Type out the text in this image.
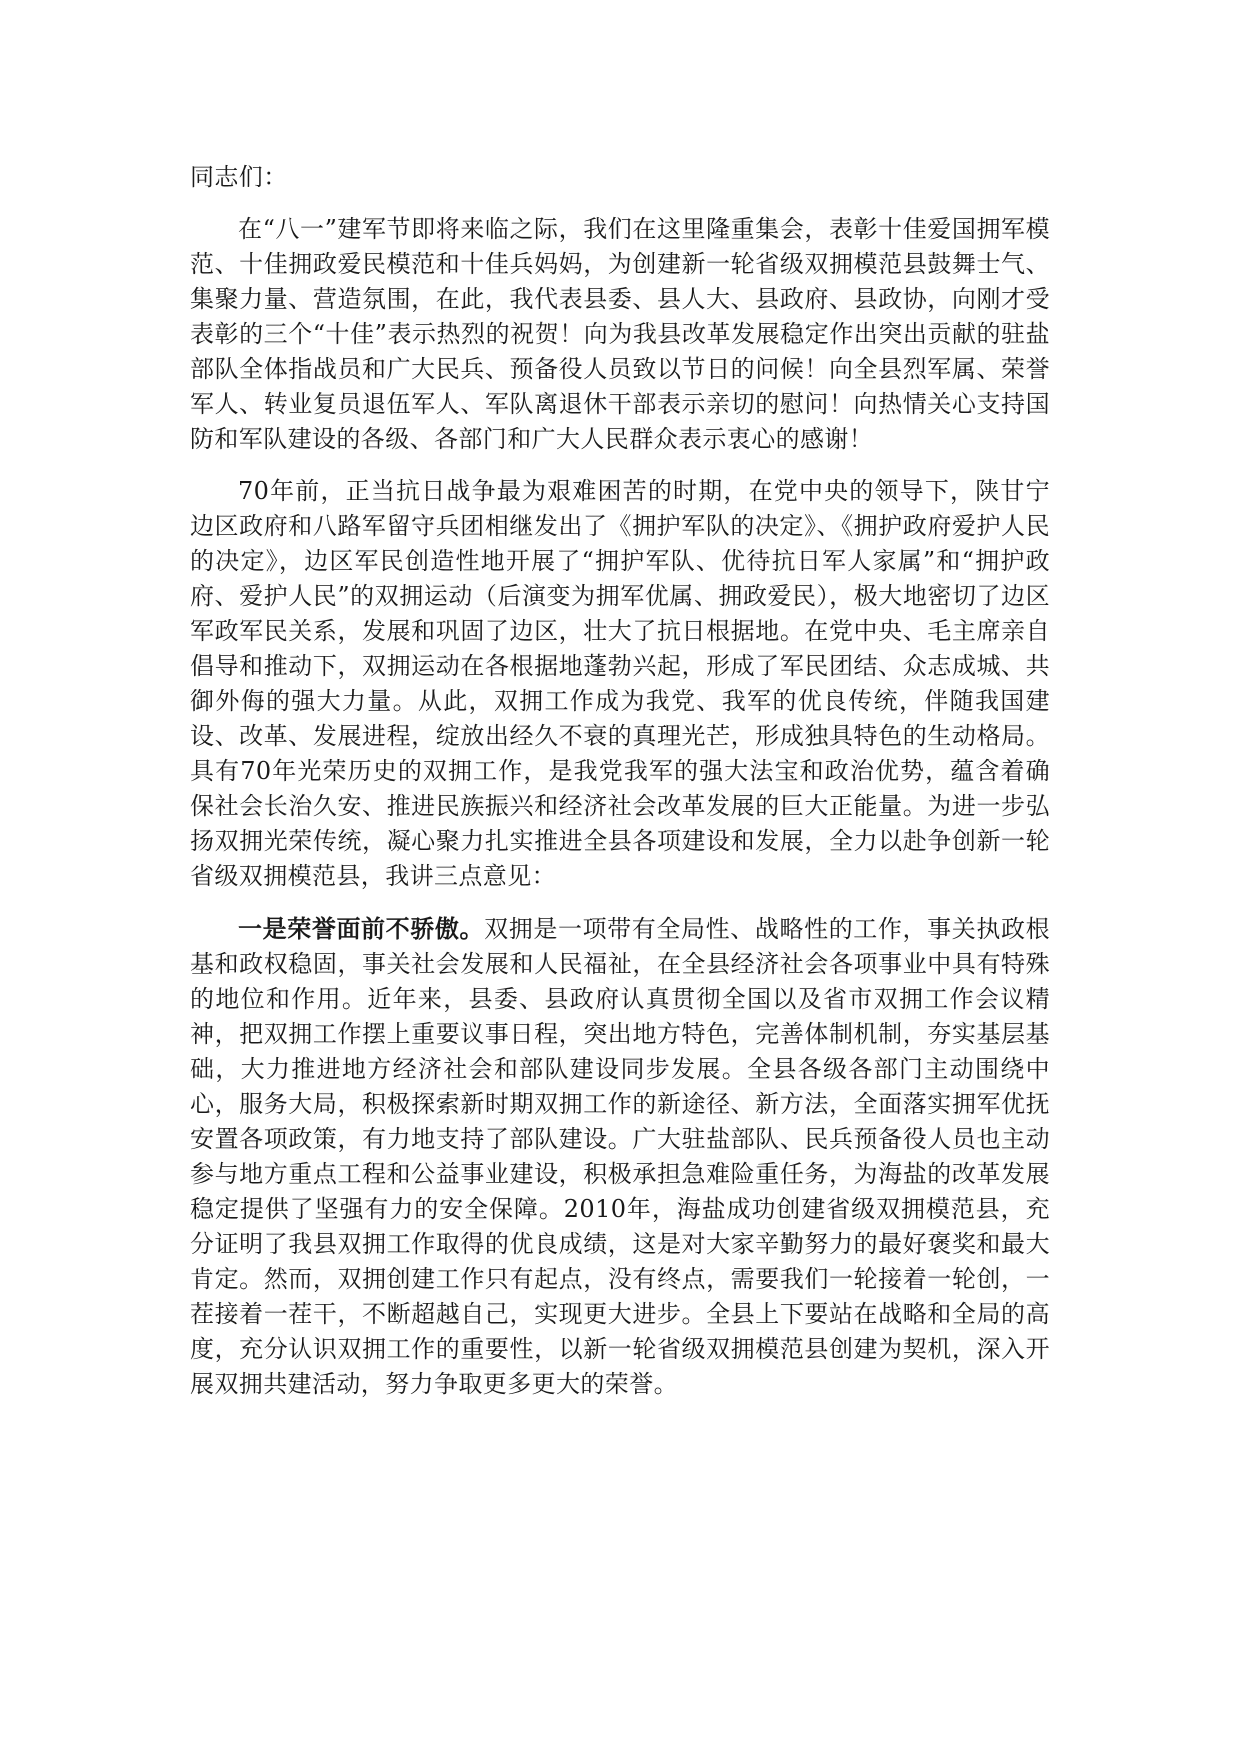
同志们：

在“八一”建军节即将来临之际，我们在这里隆重集会，表彰十佳爱国拥军模范、十佳拥政爱民模范和十佳兵妈妈，为创建新一轮省级双拥模范县鼓舞士气、集聚力量、营造氛围，在此，我代表县委、县人大、县政府、县政协，向刚才受表彰的三个“十佳”表示热烈的祝贺！向为我县改革发展稳定作出突出贡献的驻盐部队全体指战员和广大民兵、预备役人员致以节日的问候！向全县烈军属、荣誉军人、转业复员退伍军人、军队离退休干部表示亲切的慰问！向热情关心支持国防和军队建设的各级、各部门和广大人民群众表示衷心的感谢！

70年前，正当抗日战争最为艰难困苦的时期，在党中央的领导下，陕甘宁边区政府和八路军留守兵团相继发出了《拥护军队的决定》、《拥护政府爱护人民的决定》，边区军民创造性地开展了“拥护军队、优待抗日军人家属”和“拥护政府、爱护人民”的双拥运动（后演变为拥军优属、拥政爱民），极大地密切了边区军政军民关系，发展和巩固了边区，壮大了抗日根据地。在党中央、毛主席亲自倡导和推动下，双拥运动在各根据地蓬勃兴起，形成了军民团结、众志成城、共御外侮的强大力量。从此，双拥工作成为我党、我军的优良传统，伴随我国建设、改革、发展进程，绽放出经久不衰的真理光芒，形成独具特色的生动格局。具有70年光荣历史的双拥工作，是我党我军的强大法宝和政治优势，蕴含着确保社会长治久安、推进民族振兴和经济社会改革发展的巨大正能量。为进一步弘扬双拥光荣传统，凝心聚力扎实推进全县各项建设和发展，全力以赴争创新一轮省级双拥模范县，我讲三点意见：

一是荣誉面前不骄傲。双拥是一项带有全局性、战略性的工作，事关执政根基和政权稳固，事关社会发展和人民福祉，在全县经济社会各项事业中具有特殊的地位和作用。近年来，县委、县政府认真贯彻全国以及省市双拥工作会议精神，把双拥工作摆上重要议事日程，突出地方特色，完善体制机制，夯实基层基础，大力推进地方经济社会和部队建设同步发展。全县各级各部门主动围绕中心，服务大局，积极探索新时期双拥工作的新途径、新方法，全面落实拥军优抚安置各项政策，有力地支持了部队建设。广大驻盐部队、民兵预备役人员也主动参与地方重点工程和公益事业建设，积极承担急难险重任务，为海盐的改革发展稳定提供了坚强有力的安全保障。2010年，海盐成功创建省级双拥模范县，充分证明了我县双拥工作取得的优良成绩，这是对大家辛勤努力的最好褒奖和最大肯定。然而，双拥创建工作只有起点，没有终点，需要我们一轮接着一轮创，一茬接着一茬干，不断超越自己，实现更大进步。全县上下要站在战略和全局的高度，充分认识双拥工作的重要性，以新一轮省级双拥模范县创建为契机，深入开展双拥共建活动，努力争取更多更大的荣誉。
